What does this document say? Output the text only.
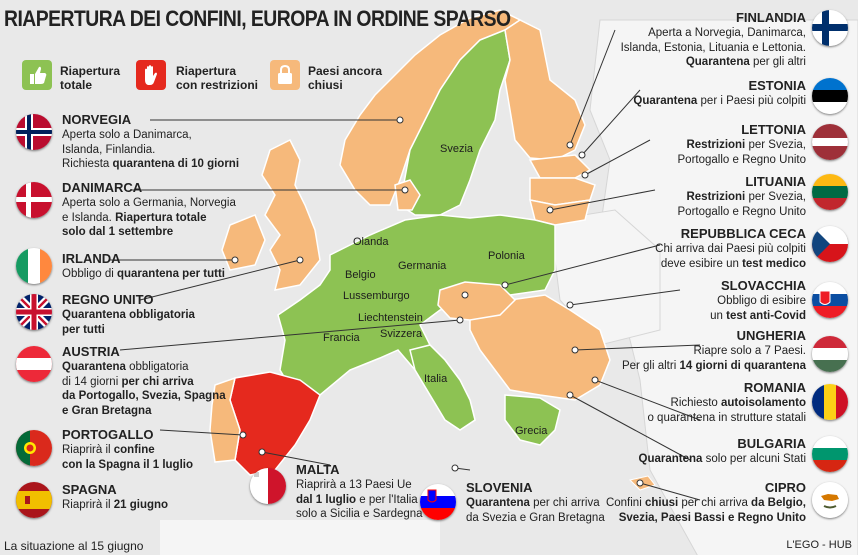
RIAPERTURA DEI CONFINI, EUROPA IN ORDINE SPARSO
Riapertura
totale
Riapertura
con restrizioni
Paesi ancora
chiusi
Svezia
Olanda
Germania
Polonia
Belgio
Lussemburgo
Liechtenstein
Svizzera
Francia
Italia
Grecia
NORVEGIA
Aperta solo a Danimarca,
Islanda, Finlandia.
Richiesta quarantena di 10 giorni
DANIMARCA
Aperta solo a Germania, Norvegia
e Islanda. Riapertura totale
solo dal 1 settembre
IRLANDA
Obbligo di quarantena per tutti
REGNO UNITO
Quarantena obbligatoria
per tutti
AUSTRIA
Quarantena obbligatoria
di 14 giorni per chi arriva
da Portogallo, Svezia, Spagna
e Gran Bretagna
PORTOGALLO
Riaprirà il confine
con la Spagna il 1 luglio
SPAGNA
Riaprirà il 21 giugno
FINLANDIA
Aperta a Norvegia, Danimarca,
Islanda, Estonia, Lituania e Lettonia.
Quarantena per gli altri
ESTONIA
Quarantena per i Paesi più colpiti
LETTONIA
Restrizioni per Svezia,
Portogallo e Regno Unito
LITUANIA
Restrizioni per Svezia,
Portogallo e Regno Unito
REPUBBLICA CECA
Chi arriva dai Paesi più colpiti
deve esibire un test medico
SLOVACCHIA
Obbligo di esibire
un test anti-Covid
UNGHERIA
Riapre solo a 7 Paesi.
Per gli altri 14 giorni di quarantena
ROMANIA
Richiesto autoisolamento
o quarantena in strutture statali
BULGARIA
Quarantena solo per alcuni Stati
CIPRO
Confini chiusi per chi arriva da Belgio,
Svezia, Paesi Bassi e Regno Unito
MALTA
Riaprirà a 13 Paesi Ue
dal 1 luglio e per l'Italia
solo a Sicilia e Sardegna
SLOVENIA
Quarantena per chi arriva
da Svezia e Gran Bretagna
La situazione al 15 giugno	L'EGO - HUB
